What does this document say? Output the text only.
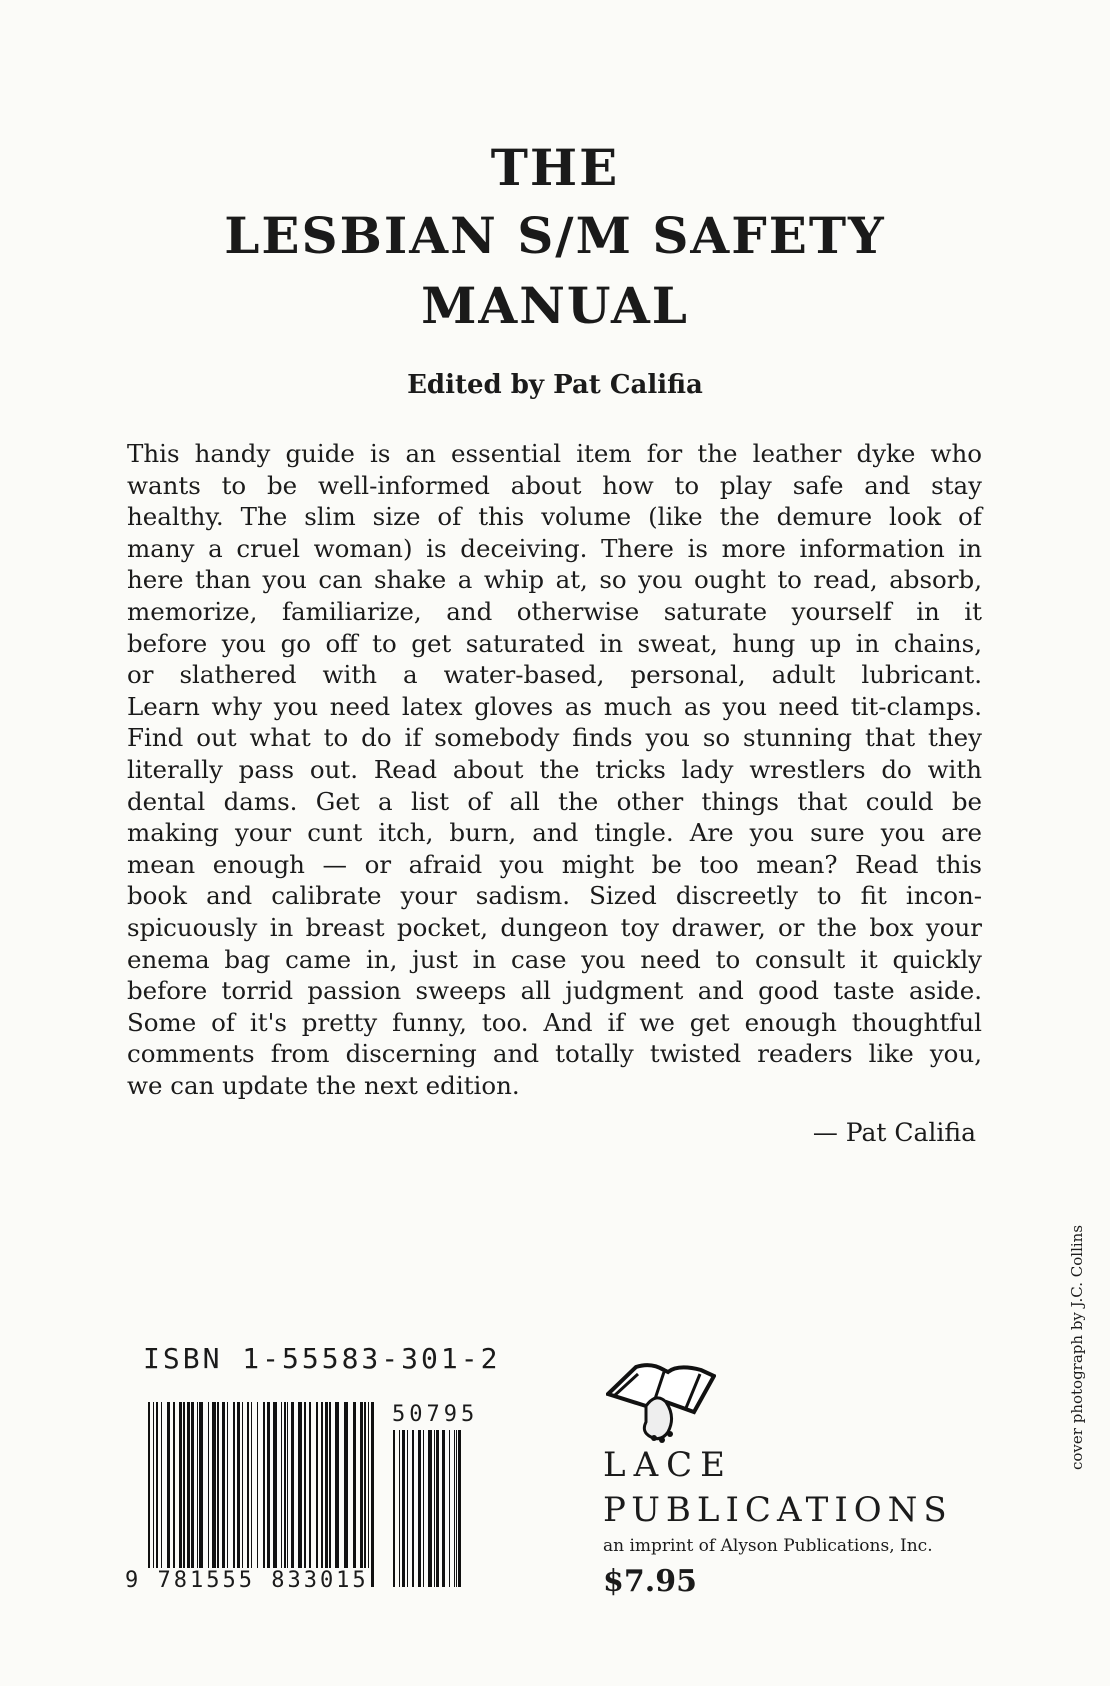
THE
LESBIAN S/M SAFETY
MANUAL
Edited by Pat Califia
This handy guide is an essential item for the leather dyke who
wants to be well-informed about how to play safe and stay
healthy. The slim size of this volume (like the demure look of
many a cruel woman) is deceiving. There is more information in
here than you can shake a whip at, so you ought to read, absorb,
memorize, familiarize, and otherwise saturate yourself in it
before you go off to get saturated in sweat, hung up in chains,
or slathered with a water-based, personal, adult lubricant.
Learn why you need latex gloves as much as you need tit-clamps.
Find out what to do if somebody finds you so stunning that they
literally pass out. Read about the tricks lady wrestlers do with
dental dams. Get a list of all the other things that could be
making your cunt itch, burn, and tingle. Are you sure you are
mean enough — or afraid you might be too mean? Read this
book and calibrate your sadism. Sized discreetly to fit incon-
spicuously in breast pocket, dungeon toy drawer, or the box your
enema bag came in, just in case you need to consult it quickly
before torrid passion sweeps all judgment and good taste aside.
Some of it's pretty funny, too. And if we get enough thoughtful
comments from discerning and totally twisted readers like you,
we can update the next edition.
— Pat Califia
ISBN 1-55583-301-2
50795
9 781555 833015
LACE
PUBLICATIONS
an imprint of Alyson Publications, Inc.
$7.95
cover photograph by J.C. Collins
